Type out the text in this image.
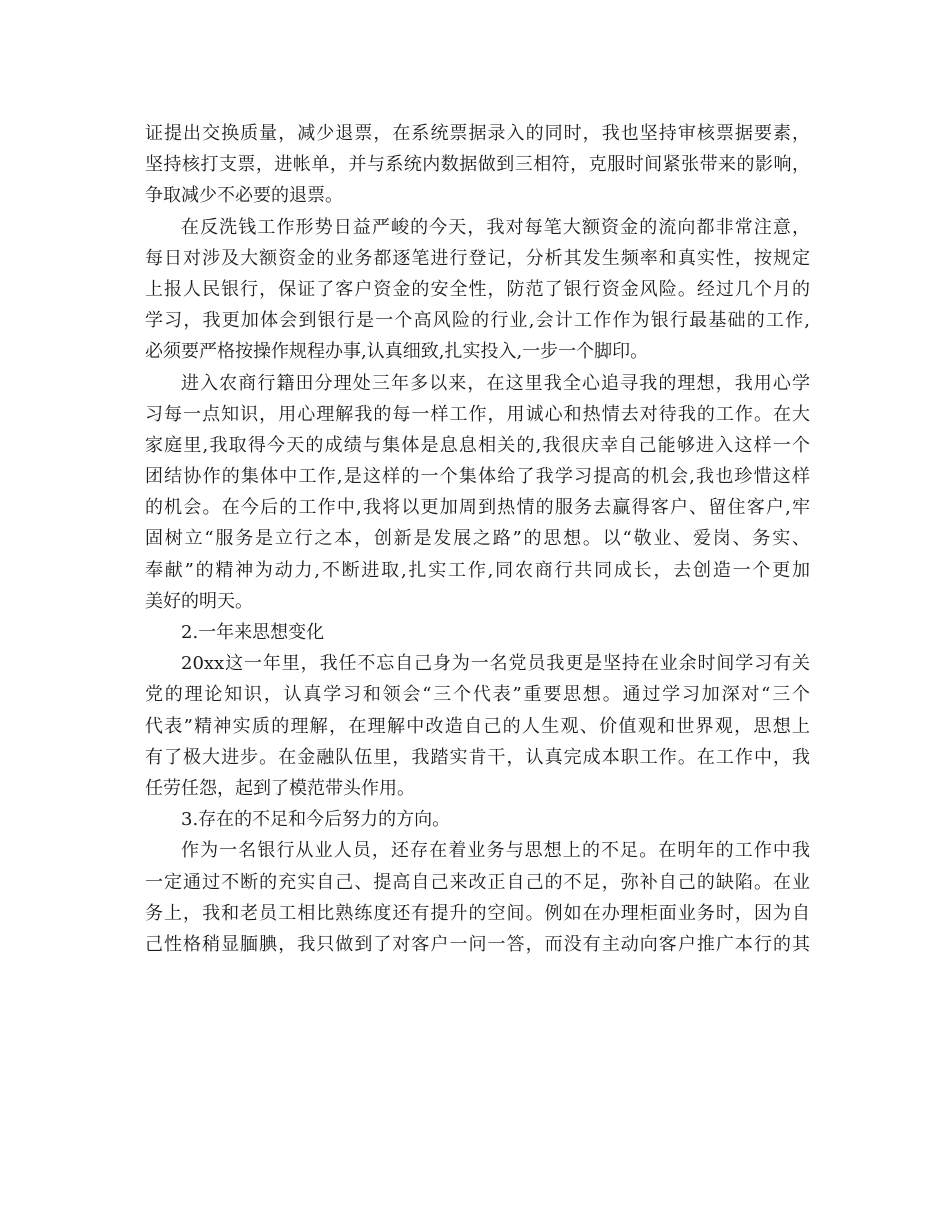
证提出交换质量，减少退票，在系统票据录入的同时，我也坚持审核票据要素，
坚持核打支票，进帐单，并与系统内数据做到三相符，克服时间紧张带来的影响，
争取减少不必要的退票。
在反洗钱工作形势日益严峻的今天，我对每笔大额资金的流向都非常注意，
每日对涉及大额资金的业务都逐笔进行登记，分析其发生频率和真实性，按规定
上报人民银行，保证了客户资金的安全性，防范了银行资金风险。经过几个月的
学习，我更加体会到银行是一个高风险的行业,会计工作作为银行最基础的工作,
必须要严格按操作规程办事,认真细致,扎实投入,一步一个脚印。
进入农商行籍田分理处三年多以来，在这里我全心追寻我的理想，我用心学
习每一点知识，用心理解我的每一样工作，用诚心和热情去对待我的工作。在大
家庭里,我取得今天的成绩与集体是息息相关的,我很庆幸自己能够进入这样一个
团结协作的集体中工作,是这样的一个集体给了我学习提高的机会,我也珍惜这样
的机会。在今后的工作中,我将以更加周到热情的服务去赢得客户、留住客户,牢
固树立“服务是立行之本，创新是发展之路”的思想。以“敬业、爱岗、务实、
奉献”的精神为动力,不断进取,扎实工作,同农商行共同成长，去创造一个更加
美好的明天。
2.一年来思想变化
20xx这一年里，我任不忘自己身为一名党员我更是坚持在业余时间学习有关
党的理论知识，认真学习和领会“三个代表”重要思想。通过学习加深对“三个
代表”精神实质的理解，在理解中改造自己的人生观、价值观和世界观，思想上
有了极大进步。在金融队伍里，我踏实肯干，认真完成本职工作。在工作中，我
任劳任怨，起到了模范带头作用。
3.存在的不足和今后努力的方向。
作为一名银行从业人员，还存在着业务与思想上的不足。在明年的工作中我
一定通过不断的充实自己、提高自己来改正自己的不足，弥补自己的缺陷。在业
务上，我和老员工相比熟练度还有提升的空间。例如在办理柜面业务时，因为自
己性格稍显腼腆，我只做到了对客户一问一答，而没有主动向客户推广本行的其
